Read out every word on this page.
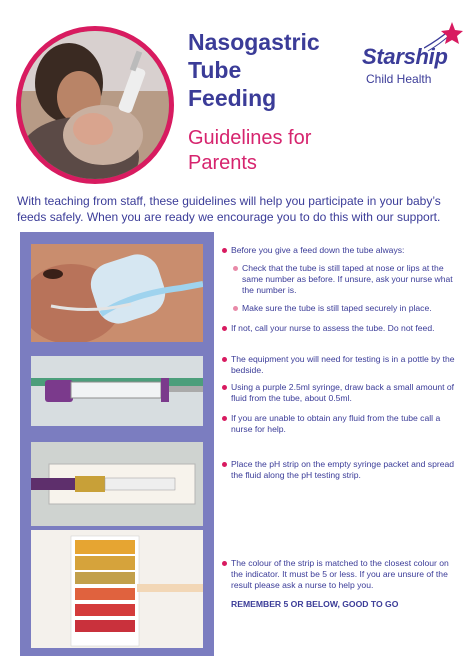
Nasogastric
Tube
Feeding
Guidelines for
Parents
Starship
Child Health

With teaching from staff, these guidelines will help you participate in your baby’s feeds safely. When you are ready we encourage you to do this with our support.

Before you give a feed down the tube always:
Check that the tube is still taped at nose or lips at the same number as before. If unsure, ask your nurse what the number is.
Make sure the tube is still taped securely in place.
If not, call your nurse to assess the tube. Do not feed.
The equipment you will need for testing is in a pottle by the bedside.
Using a purple 2.5ml syringe, draw back a small amount of fluid from the tube, about 0.5ml.
If you are unable to obtain any fluid from the tube call a nurse for help.
Place the pH strip on the empty syringe packet and spread the fluid along the pH testing strip.
The colour of the strip is matched to the closest colour on the indicator. It must be 5 or less. If you are unsure of the result please ask a nurse to help you.

REMEMBER 5 OR BELOW, GOOD TO GO
